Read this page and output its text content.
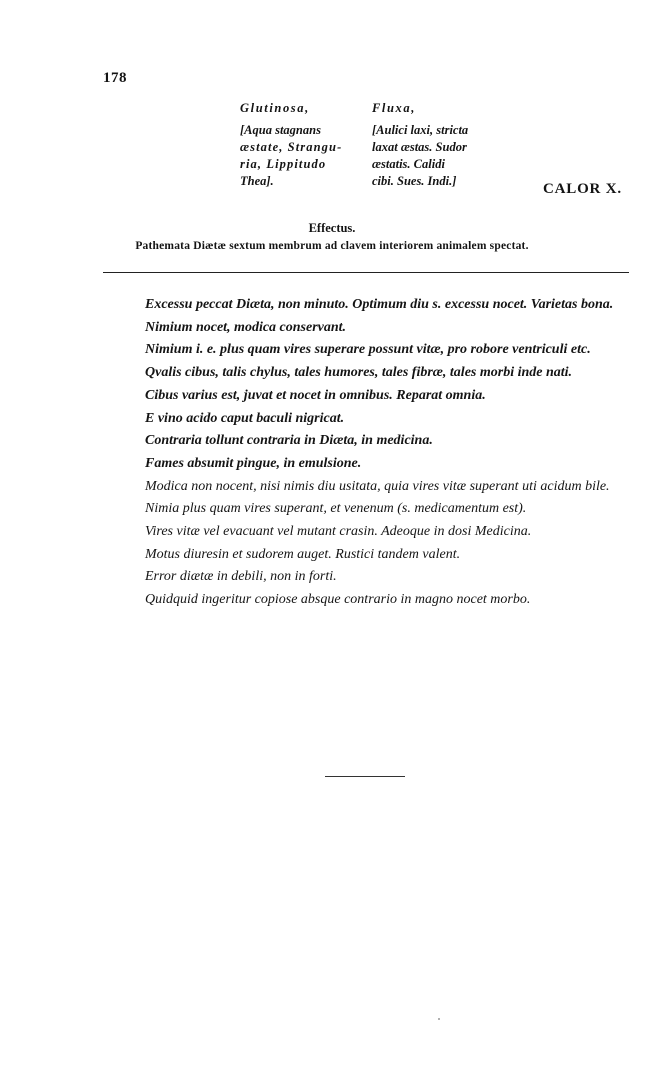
178
Glutinosa,
[Aqua stagnans
æstate, Strangu-
ria, Lippitudo
Thea].
Fluxa,
[Aulici laxi, stricta
laxat æstas. Sudor
æstatis. Calidi
cibi. Sues. Indi.]	CALOR X.
Effectus.
Pathemata Diætæ sextum membrum ad clavem interiorem animalem spectat.

Excessu peccat Diæta, non minuto. Optimum diu s. excessu nocet. Varietas bona.

Nimium nocet, modica conservant.

Nimium i. e. plus quam vires superare possunt vitæ, pro robore ventriculi etc.

Qvalis cibus, talis chylus, tales humores, tales fibræ, tales morbi inde nati.

Cibus varius est, juvat et nocet in omnibus. Reparat omnia.

E vino acido caput baculi nigricat.

Contraria tollunt contraria in Diæta, in medicina.

Fames absumit pingue, in emulsione.

Modica non nocent, nisi nimis diu usitata, quia vires vitæ superant uti acidum bile.

Nimia plus quam vires superant, et venenum (s. medicamentum est).

Vires vitæ vel evacuant vel mutant crasin. Adeoque in dosi Medicina.

Motus diuresin et sudorem auget. Rustici tandem valent.

Error diætæ in debili, non in forti.

Quidquid ingeritur copiose absque contrario in magno nocet morbo.
